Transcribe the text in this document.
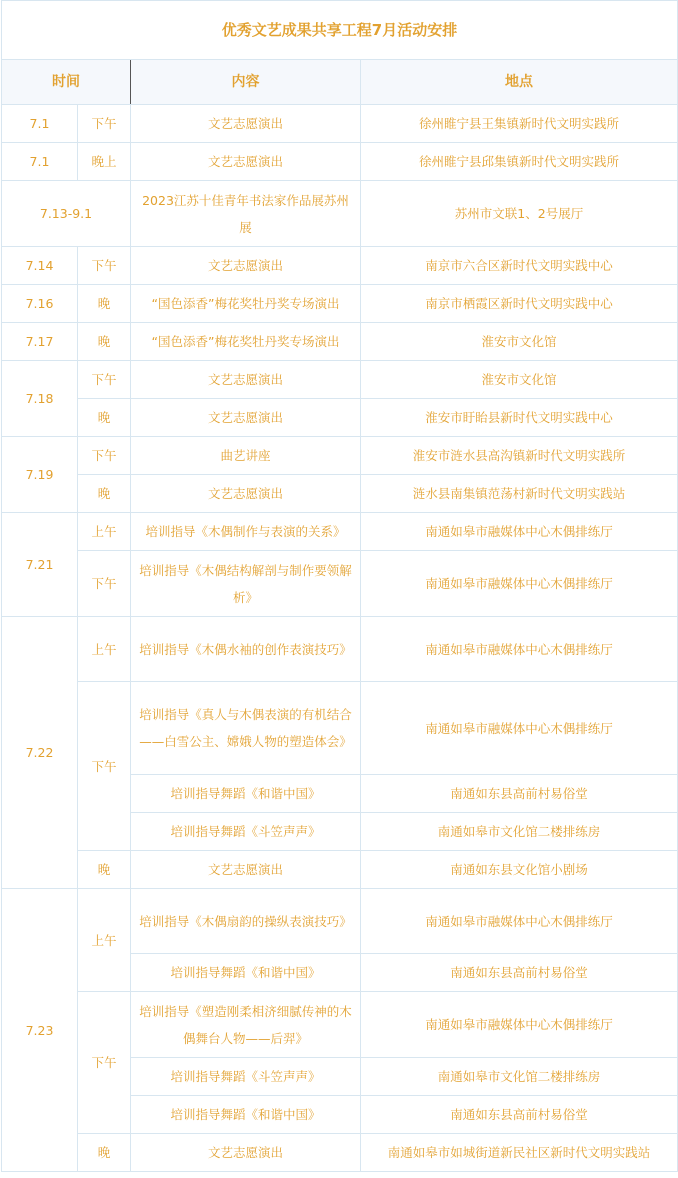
优秀文艺成果共享工程7月活动安排			
时间		内容	地点
7.1	下午	文艺志愿演出	徐州睢宁县王集镇新时代文明实践所
7.1	晚上	文艺志愿演出	徐州睢宁县邱集镇新时代文明实践所
7.13-9.1		2023江苏十佳青年书法家作品展苏州展	苏州市文联1、2号展厅
7.14	下午	文艺志愿演出	南京市六合区新时代文明实践中心
7.16	晚	“国色添香”梅花奖牡丹奖专场演出	南京市栖霞区新时代文明实践中心
7.17	晚	“国色添香”梅花奖牡丹奖专场演出	淮安市文化馆
7.18	下午	文艺志愿演出	淮安市文化馆
	晚	文艺志愿演出	淮安市盱眙县新时代文明实践中心
7.19	下午	曲艺讲座	淮安市涟水县高沟镇新时代文明实践所
	晚	文艺志愿演出	涟水县南集镇范荡村新时代文明实践站
7.21	上午	培训指导《木偶制作与表演的关系》	南通如皋市融媒体中心木偶排练厅
	下午	培训指导《木偶结构解剖与制作要领解析》	南通如皋市融媒体中心木偶排练厅
7.22	上午	培训指导《木偶水袖的创作表演技巧》	南通如皋市融媒体中心木偶排练厅
	下午	培训指导《真人与木偶表演的有机结合——白雪公主、嫦娥人物的塑造体会》	南通如皋市融媒体中心木偶排练厅
		培训指导舞蹈《和谐中国》	南通如东县高前村易俗堂
		培训指导舞蹈《斗笠声声》	南通如皋市文化馆二楼排练房
	晚	文艺志愿演出	南通如东县文化馆小剧场
7.23	上午	培训指导《木偶扇韵的操纵表演技巧》	南通如皋市融媒体中心木偶排练厅
		培训指导舞蹈《和谐中国》	南通如东县高前村易俗堂
	下午	培训指导《塑造刚柔相济细腻传神的木偶舞台人物——后羿》	南通如皋市融媒体中心木偶排练厅
		培训指导舞蹈《斗笠声声》	南通如皋市文化馆二楼排练房
		培训指导舞蹈《和谐中国》	南通如东县高前村易俗堂
	晚	文艺志愿演出	南通如皋市如城街道新民社区新时代文明实践站
